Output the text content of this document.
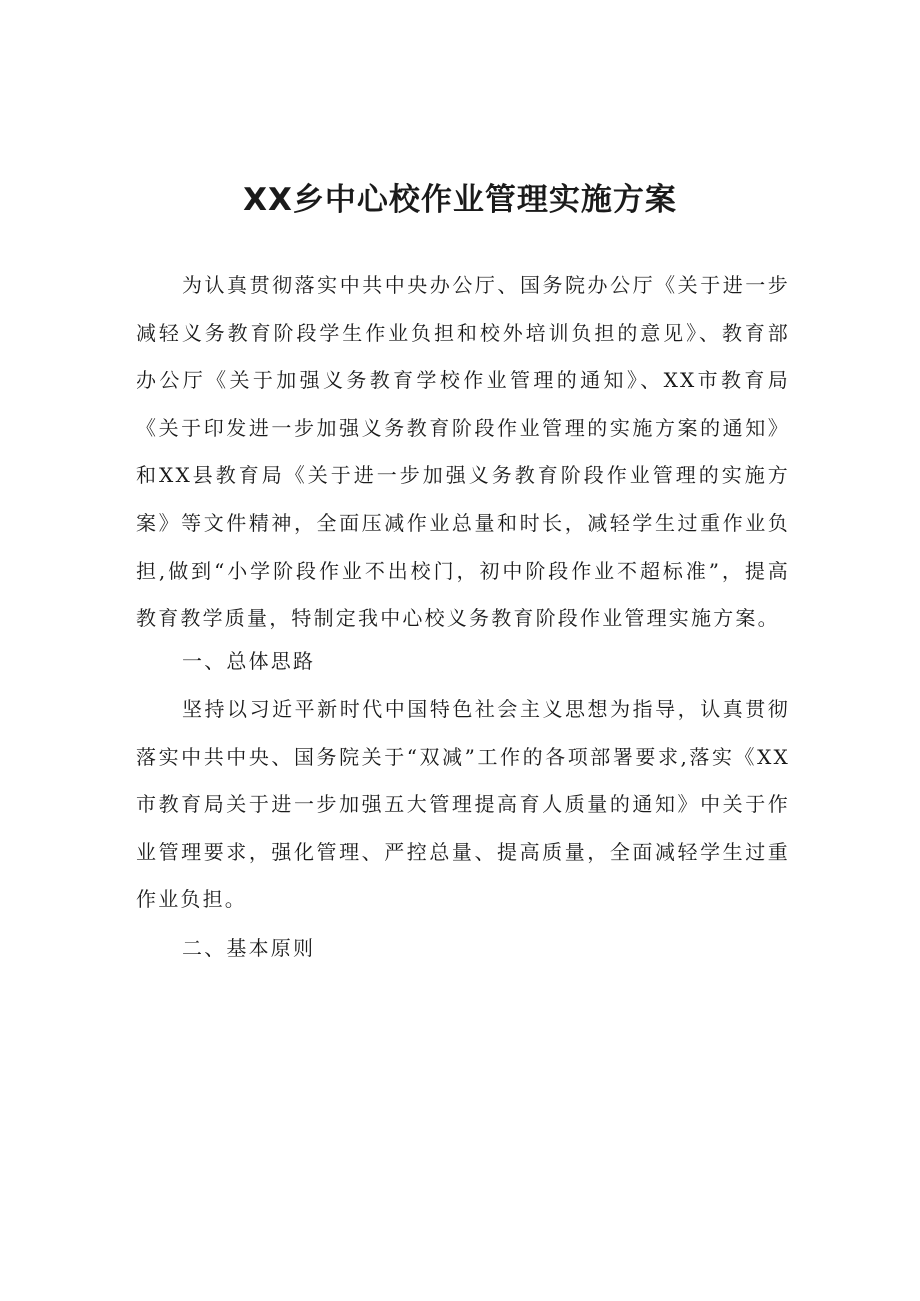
XX乡中心校作业管理实施方案

为认真贯彻落实中共中央办公厅、国务院办公厅《关于进一步减轻义务教育阶段学生作业负担和校外培训负担的意见》、教育部办公厅《关于加强义务教育学校作业管理的通知》、XX市教育局《关于印发进一步加强义务教育阶段作业管理的实施方案的通知》和XX县教育局《关于进一步加强义务教育阶段作业管理的实施方案》等文件精神，全面压减作业总量和时长，减轻学生过重作业负担,做到“小学阶段作业不出校门，初中阶段作业不超标准”，提高教育教学质量，特制定我中心校义务教育阶段作业管理实施方案。

一、总体思路

坚持以习近平新时代中国特色社会主义思想为指导，认真贯彻落实中共中央、国务院关于“双减”工作的各项部署要求,落实《XX市教育局关于进一步加强五大管理提高育人质量的通知》中关于作业管理要求，强化管理、严控总量、提高质量，全面减轻学生过重作业负担。

二、基本原则
